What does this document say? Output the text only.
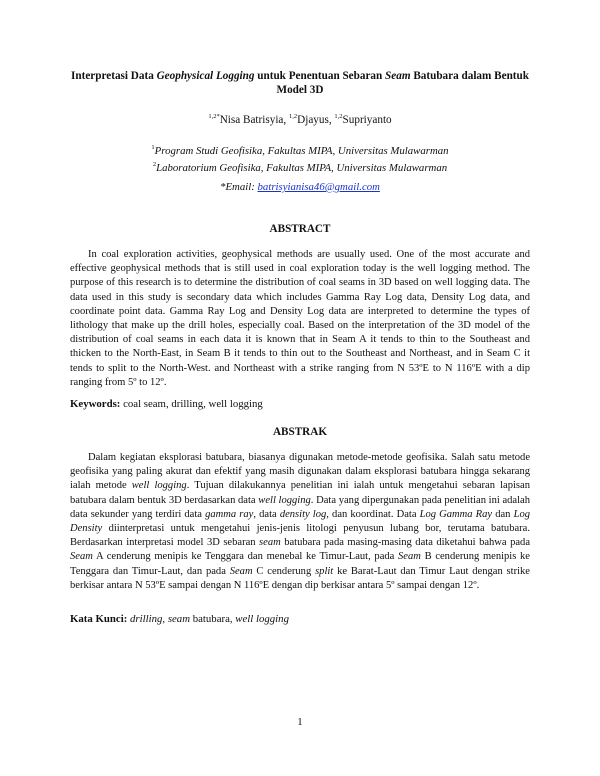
Interpretasi Data Geophysical Logging untuk Penentuan Sebaran Seam Batubara dalam Bentuk Model 3D
$^{1,2*}$Nisa Batrisyia, $^{1,2}$Djayus, $^{1,2}$Supriyanto
$^1$Program Studi Geofisika, Fakultas MIPA, Universitas Mulawarman
$^2$Laboratorium Geofisika, Fakultas MIPA, Universitas Mulawarman
*Email: batrisyianisa46@gmail.com
ABSTRACT

In coal exploration activities, geophysical methods are usually used. One of the most accurate and effective geophysical methods that is still used in coal exploration today is the well logging method. The purpose of this research is to determine the distribution of coal seams in 3D based on well logging data. The data used in this study is secondary data which includes Gamma Ray Log data, Density Log data, and coordinate point data. Gamma Ray Log and Density Log data are interpreted to determine the types of lithology that make up the drill holes, especially coal. Based on the interpretation of the 3D model of the distribution of coal seams in each data it is known that in Seam A it tends to thin to the Southeast and thicken to the North-East, in Seam B it tends to thin out to the Southeast and Northeast, and in Seam C it tends to split to the North-West. and Northeast with a strike ranging from N 53ºE to N 116ºE with a dip ranging from 5º to 12º.

Keywords: coal seam, drilling, well logging
ABSTRAK

Dalam kegiatan eksplorasi batubara, biasanya digunakan metode-metode geofisika. Salah satu metode geofisika yang paling akurat dan efektif yang masih digunakan dalam eksplorasi batubara hingga sekarang ialah metode well logging. Tujuan dilakukannya penelitian ini ialah untuk mengetahui sebaran lapisan batubara dalam bentuk 3D berdasarkan data well logging. Data yang dipergunakan pada penelitian ini adalah data sekunder yang terdiri data gamma ray, data density log, dan koordinat. Data Log Gamma Ray dan Log Density diinterpretasi untuk mengetahui jenis-jenis litologi penyusun lubang bor, terutama batubara. Berdasarkan interpretasi model 3D sebaran seam batubara pada masing-masing data diketahui bahwa pada Seam A cenderung menipis ke Tenggara dan menebal ke Timur-Laut, pada Seam B cenderung menipis ke Tenggara dan Timur-Laut, dan pada Seam C cenderung split ke Barat-Laut dan Timur Laut dengan strike berkisar antara N 53ºE sampai dengan N 116ºE dengan dip berkisar antara 5º sampai dengan 12º.

Kata Kunci: drilling, seam batubara, well logging
1
